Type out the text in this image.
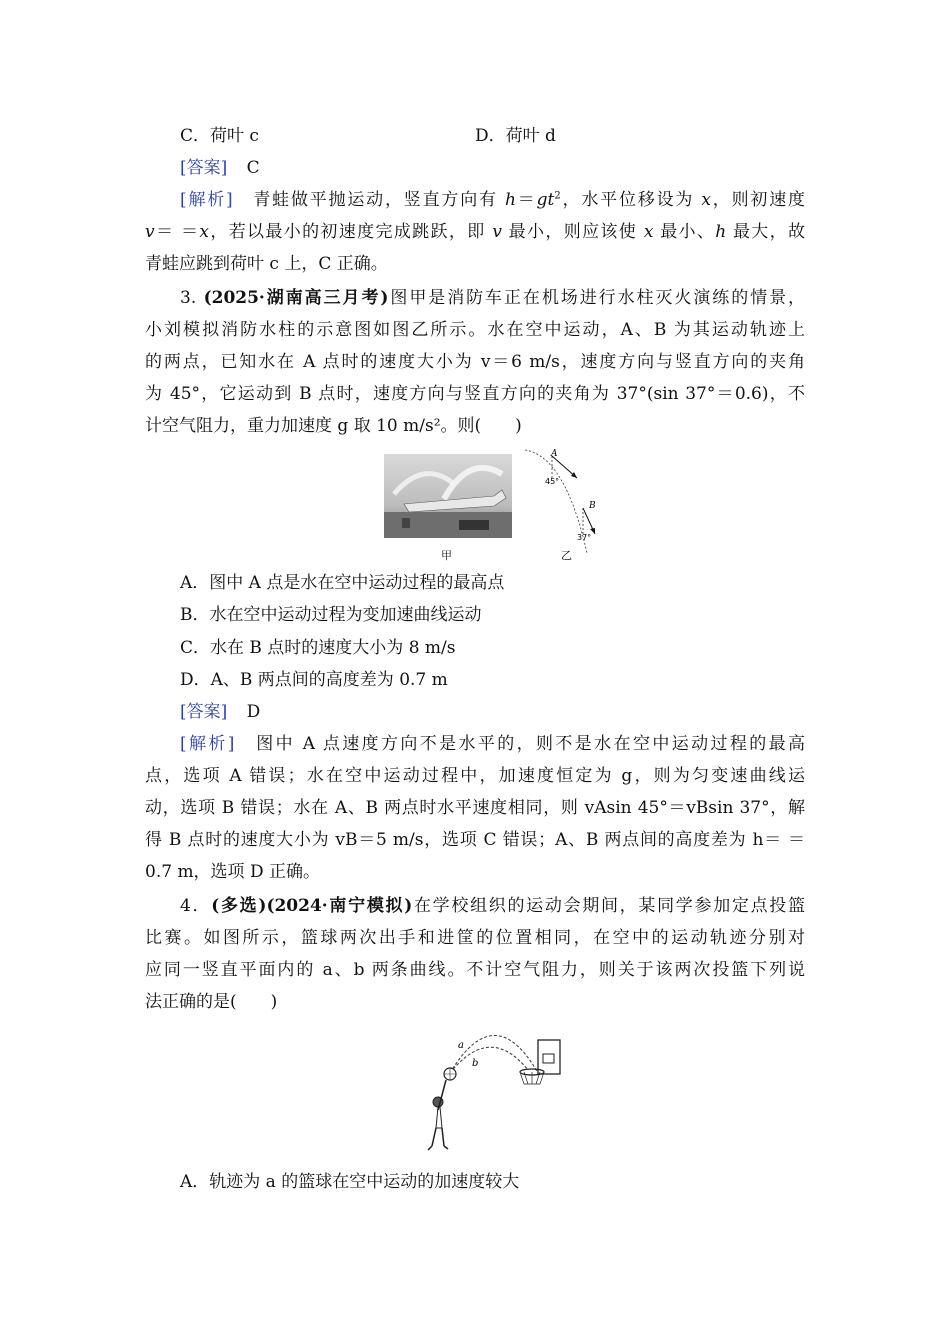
C．荷叶 c	D．荷叶 d
[答案] C
[解析]　 青蛙做平抛运动，竖直方向有 $h=gt^2$，水平位移设为 x，则初速度
v＝ ＝x，若以最小的初速度完成跳跃，即 v 最小，则应该使 x 最小、h 最大，故
青蛙应跳到荷叶 c 上，C 正确。
3. (2025·湖南高三月考)图甲是消防车正在机场进行水柱灭火演练的情景，
小刘模拟消防水柱的示意图如图乙所示。水在空中运动，A、B 为其运动轨迹上
的两点，已知水在 A 点时的速度大小为 v＝6 m/s，速度方向与竖直方向的夹角
为 45°，它运动到 B 点时，速度方向与竖直方向的夹角为 37°(sin 37°＝0.6)，不
计空气阻力，重力加速度 g 取 10 m/s²。则(　　)
甲
A
45°
B
37°
乙
A．图中 A 点是水在空中运动过程的最高点
B．水在空中运动过程为变加速曲线运动
C．水在 B 点时的速度大小为 8 m/s
D．A、B 两点间的高度差为 0.7 m
[答案] D
[解析]　 图中 A 点速度方向不是水平的，则不是水在空中运动过程的最高
点，选项 A 错误；水在空中运动过程中，加速度恒定为 g，则为匀变速曲线运
动，选项 B 错误；水在 A、B 两点时水平速度相同，则 vAsin 45°＝vBsin 37°，解
得 B 点时的速度大小为 vB＝5 m/s，选项 C 错误；A、B 两点间的高度差为 h＝ ＝
0.7 m，选项 D 正确。
4．(多选)(2024·南宁模拟)在学校组织的运动会期间，某同学参加定点投篮
比赛。如图所示，篮球两次出手和进筐的位置相同，在空中的运动轨迹分别对
应同一竖直平面内的 a、b 两条曲线。不计空气阻力，则关于该两次投篮下列说
法正确的是(　　)
a
b
A．轨迹为 a 的篮球在空中运动的加速度较大
